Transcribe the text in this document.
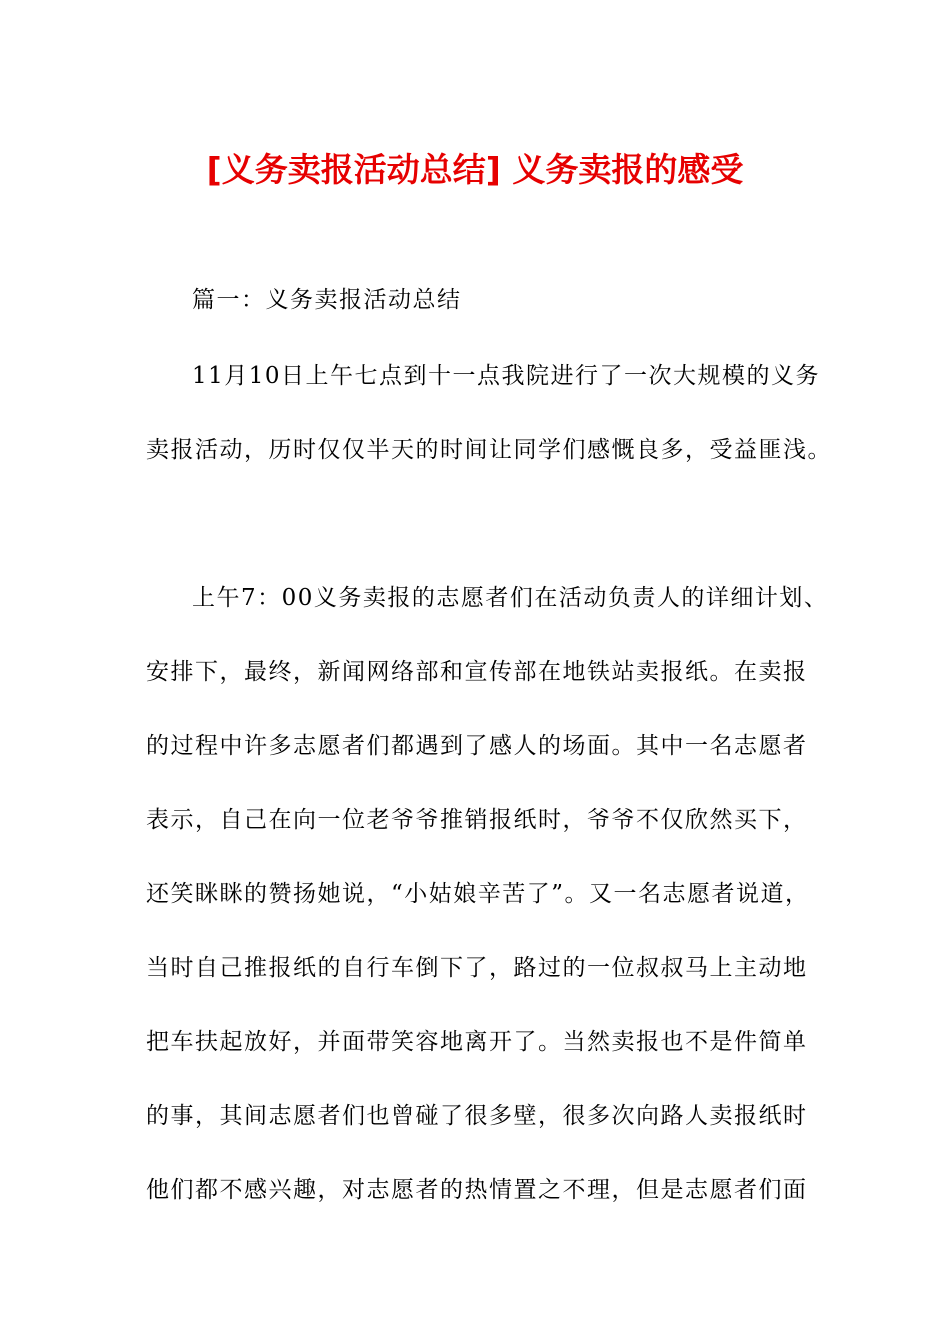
[义务卖报活动总结] 义务卖报的感受
篇一：义务卖报活动总结
11月10日上午七点到十一点我院进行了一次大规模的义务
卖报活动，历时仅仅半天的时间让同学们感慨良多，受益匪浅。
上午7：00义务卖报的志愿者们在活动负责人的详细计划、
安排下，最终，新闻网络部和宣传部在地铁站卖报纸。在卖报
的过程中许多志愿者们都遇到了感人的场面。其中一名志愿者
表示，自己在向一位老爷爷推销报纸时，爷爷不仅欣然买下，
还笑眯眯的赞扬她说，“小姑娘辛苦了”。又一名志愿者说道，
当时自己推报纸的自行车倒下了，路过的一位叔叔马上主动地
把车扶起放好，并面带笑容地离开了。当然卖报也不是件简单
的事，其间志愿者们也曾碰了很多壁，很多次向路人卖报纸时
他们都不感兴趣，对志愿者的热情置之不理，但是志愿者们面
